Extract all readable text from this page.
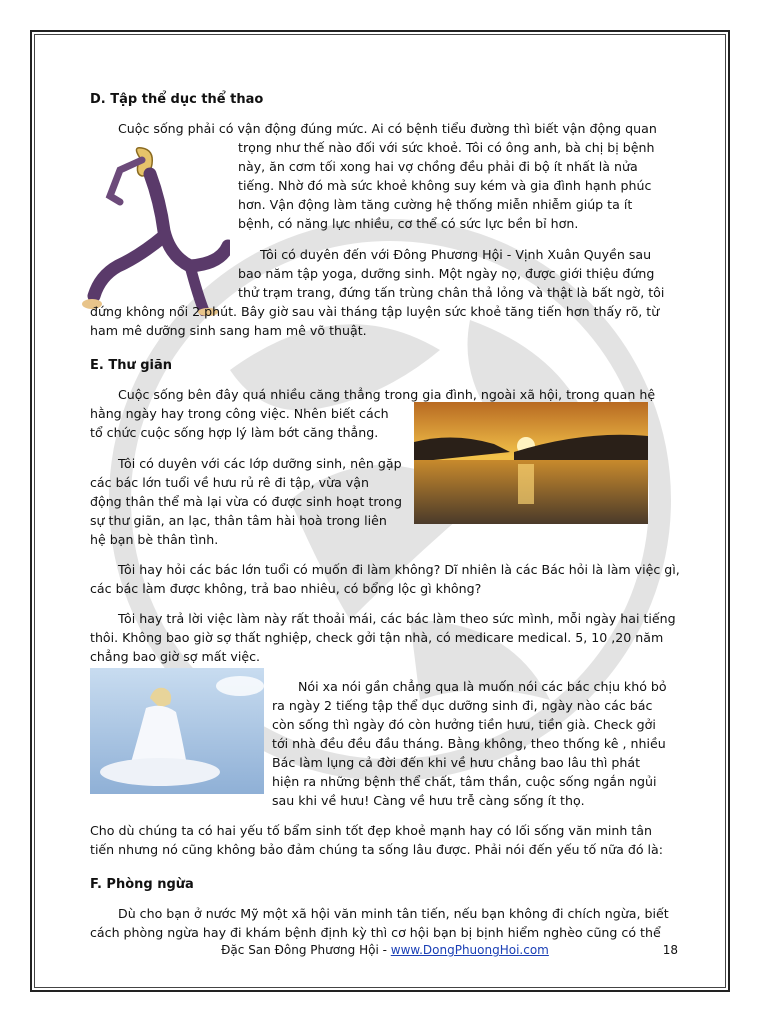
D. Tập thể dục thể thao
Cuộc sống phải có vận động đúng mức. Ai có bệnh tiểu đường thì biết vận động quan
trọng như thế nào đối với sức khoẻ. Tôi có ông anh, bà chị bị bệnh
này, ăn cơm tối xong hai vợ chồng đều phải đi bộ ít nhất là nửa
tiếng. Nhờ đó mà sức khoẻ không suy kém và gia đình hạnh phúc
hơn. Vận động làm tăng cường hệ thống miễn nhiễm giúp ta ít
bệnh, có năng lực nhiều, cơ thể có sức lực bền bỉ hơn.
Tôi có duyên đến với Đông Phương Hội - Vịnh Xuân Quyền sau
bao năm tập yoga, dưỡng sinh. Một ngày nọ, được giới thiệu đứng
thử trạm trang, đứng tấn trùng chân thả lỏng và thật là bất ngờ, tôi
đứng không nổi 2 phút. Bây giờ sau vài tháng tập luyện sức khoẻ tăng tiến hơn thấy rõ, từ
ham mê dưỡng sinh sang ham mê võ thuật.
E. Thư giãn
Cuộc sống bên đây quá nhiều căng thẳng trong gia đình, ngoài xã hội, trong quan hệ
hằng ngày hay trong công việc. Nhên biết cách
tổ chức cuộc sống hợp lý làm bớt căng thẳng.
Tôi có duyên với các lớp dưỡng sinh, nên gặp
các bác lớn tuổi về hưu rủ rê đi tập, vừa vận
động thân thể mà lại vừa có được sinh hoạt trong
sự thư giãn, an lạc, thân tâm hài hoà trong liên
hệ bạn bè thân tình.
Tôi hay hỏi các bác lớn tuổi có muốn đi làm không? Dĩ nhiên là các Bác hỏi là làm việc gì,
các bác làm được không, trả bao nhiêu, có bổng lộc gì không?
Tôi hay trả lời việc làm này rất thoải mái, các bác làm theo sức mình, mỗi ngày hai tiếng
thôi. Không bao giờ sợ thất nghiệp, check gởi tận nhà, có medicare medical. 5, 10 ,20 năm
chẳng bao giờ sợ mất việc.
Nói xa nói gần chẳng qua là muốn nói các bác chịu khó bỏ
ra ngày 2 tiếng tập thể dục dưỡng sinh đi, ngày nào các bác
còn sống thì ngày đó còn hưởng tiền hưu, tiền già. Check gởi
tới nhà đều đều đầu tháng. Bằng không, theo thống kê , nhiều
Bác làm lụng cả đời đến khi về hưu chẳng bao lâu thì phát
hiện ra những bệnh thể chất, tâm thần, cuộc sống ngắn ngủi
sau khi về hưu! Càng về hưu trễ càng sống ít thọ.
Cho dù chúng ta có hai yếu tố bẩm sinh tốt đẹp khoẻ mạnh hay có lối sống văn minh tân
tiến nhưng nó cũng không bảo đảm chúng ta sống lâu được. Phải nói đến yếu tố nữa đó là:
F. Phòng ngừa
Dù cho bạn ở nước Mỹ một xã hội văn minh tân tiến, nếu bạn không đi chích ngừa, biết
cách phòng ngừa hay đi khám bệnh định kỳ thì cơ hội bạn bị bịnh hiểm nghèo cũng có thể
Đặc San Đông Phương Hội - www.DongPhuongHoi.com	18
